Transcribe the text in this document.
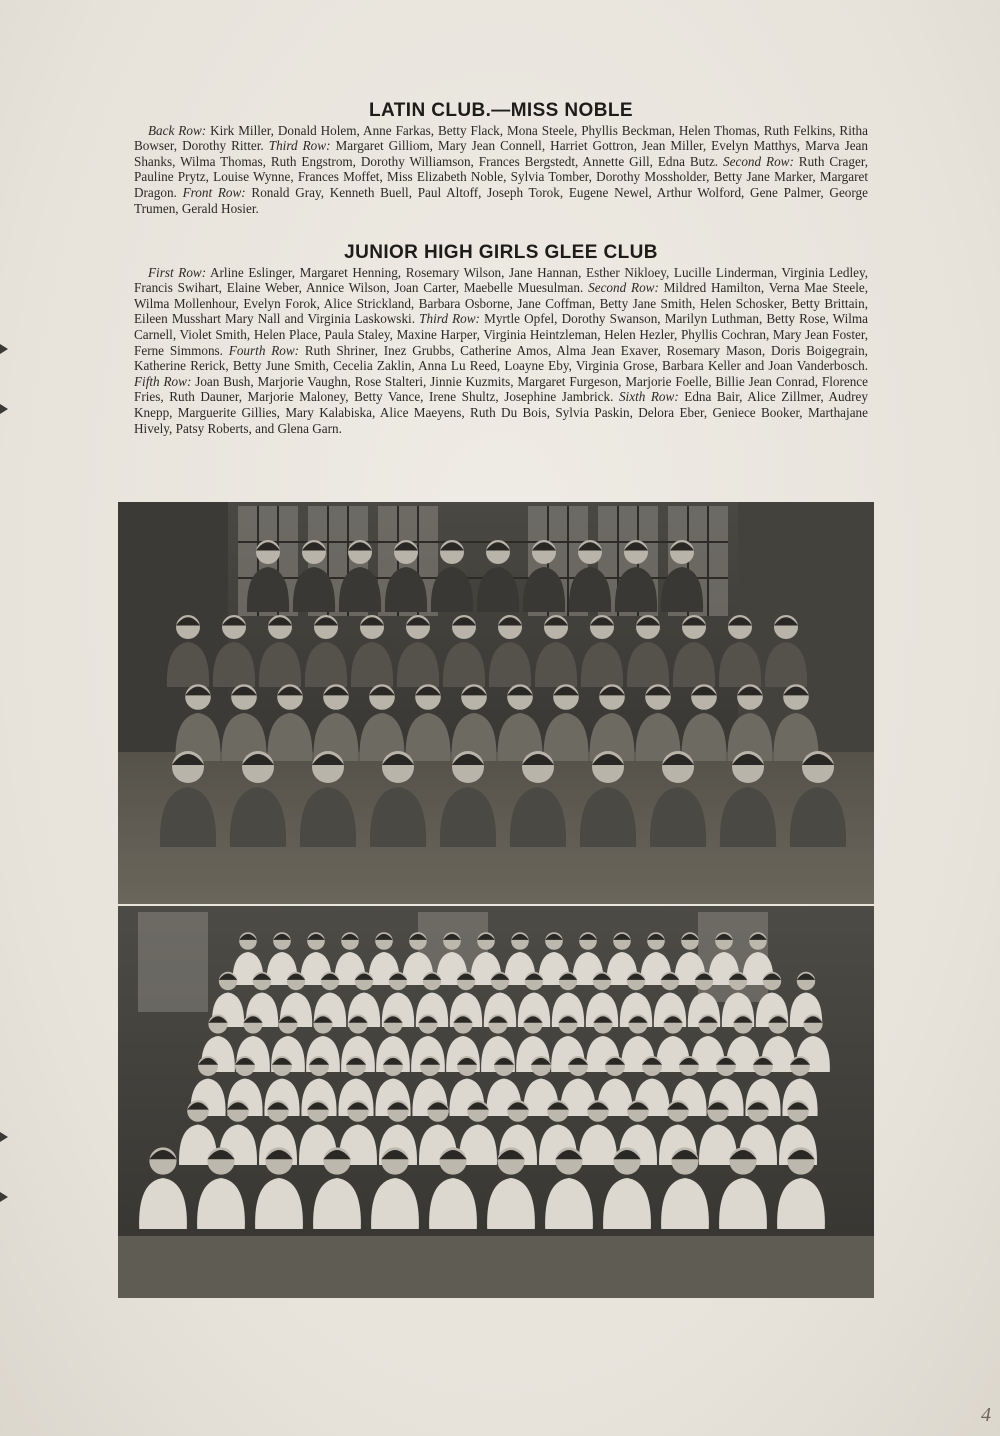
LATIN CLUB.—MISS NOBLE

Back Row: Kirk Miller, Donald Holem, Anne Farkas, Betty Flack, Mona Steele, Phyllis Beckman, Helen Thomas, Ruth Felkins, Ritha Bowser, Dorothy Ritter. Third Row: Margaret Gilliom, Mary Jean Connell, Harriet Gottron, Jean Miller, Evelyn Matthys, Marva Jean Shanks, Wilma Thomas, Ruth Engstrom, Dorothy Williamson, Frances Bergstedt, Annette Gill, Edna Butz. Second Row: Ruth Crager, Pauline Prytz, Louise Wynne, Frances Moffet, Miss Elizabeth Noble, Sylvia Tomber, Dorothy Mossholder, Betty Jane Marker, Margaret Dragon. Front Row: Ronald Gray, Kenneth Buell, Paul Altoff, Joseph Torok, Eugene Newel, Arthur Wolford, Gene Palmer, George Trumen, Gerald Hosier.

JUNIOR HIGH GIRLS GLEE CLUB

First Row: Arline Eslinger, Margaret Henning, Rosemary Wilson, Jane Hannan, Esther Nikloey, Lucille Linderman, Virginia Ledley, Francis Swihart, Elaine Weber, Annice Wilson, Joan Carter, Maebelle Muesulman. Second Row: Mildred Hamilton, Verna Mae Steele, Wilma Mollenhour, Evelyn Forok, Alice Strickland, Barbara Osborne, Jane Coffman, Betty Jane Smith, Helen Schosker, Betty Brittain, Eileen Musshart Mary Nall and Virginia Laskowski. Third Row: Myrtle Opfel, Dorothy Swanson, Marilyn Luthman, Betty Rose, Wilma Carnell, Violet Smith, Helen Place, Paula Staley, Maxine Harper, Virginia Heintzleman, Helen Hezler, Phyllis Cochran, Mary Jean Foster, Ferne Simmons. Fourth Row: Ruth Shriner, Inez Grubbs, Catherine Amos, Alma Jean Exaver, Rosemary Mason, Doris Boigegrain, Katherine Rerick, Betty June Smith, Cecelia Zaklin, Anna Lu Reed, Loayne Eby, Virginia Grose, Barbara Keller and Joan Vanderbosch. Fifth Row: Joan Bush, Marjorie Vaughn, Rose Stalteri, Jinnie Kuzmits, Margaret Furgeson, Marjorie Foelle, Billie Jean Conrad, Florence Fries, Ruth Dauner, Marjorie Maloney, Betty Vance, Irene Shultz, Josephine Jambrick. Sixth Row: Edna Bair, Alice Zillmer, Audrey Knepp, Marguerite Gillies, Mary Kalabiska, Alice Maeyens, Ruth Du Bois, Sylvia Paskin, Delora Eber, Geniece Booker, Marthajane Hively, Patsy Roberts, and Glena Garn.

4
